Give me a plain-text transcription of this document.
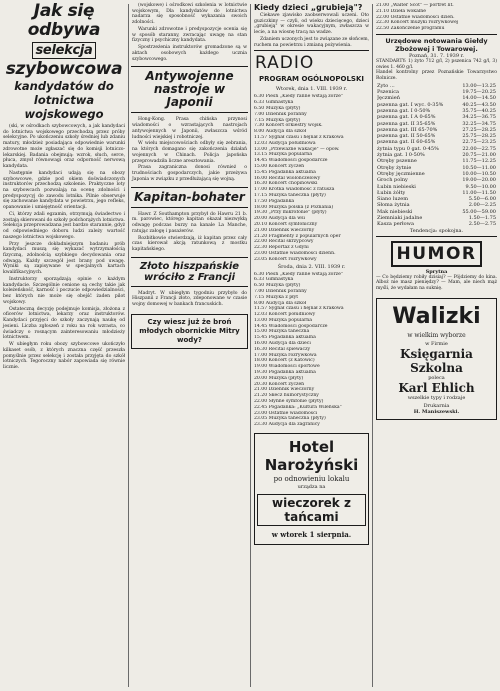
Jak się odbywa selekcja szybowcowa
kandydatów do lotnictwa wojskowego

(ski, w ośrodkach szybowcowych, a jak kandydaci do lotnictwa wojskowego przechodzą przez próby selekcyjne. Po ukończeniu szkoły średniej lub zdaniu matury, młodzież posiadająca odpowiednie warunki zdrowotne może zgłaszać się do komisji lotniczo-lekarskiej. Badania obejmują: wzrok, słuch, serce, płuca, zmysł równowagi oraz odporność nerwową kandydata.

Następnie kandydaci udają się na obozy szybowcowe, gdzie pod okiem doświadczonych instruktorów przechodzą szkolenie. Praktyczne loty na szybowcach pozwalają na ocenę zdolności i predyspozycyj do zawodu lotnika. Pilnie obserwuje się zachowanie kandydata w powietrzu, jego refleks, opanowanie i umiejętność orientacji.

Ci, którzy zdali egzamin, otrzymują świadectwo i zostają skierowani do szkoły podchorążych lotnictwa. Selekcja przeprowadzana jest bardzo starannie, gdyż od odpowiedniego doboru ludzi zależy wartość naszego lotnictwa wojskowego.

Przy jeszcze dokładniejszym badaniu prób kandydaci muszą się wykazać wytrzymałością fizyczną, zdolnością szybkiego decydowania oraz odwagą. Każdy szczegół jest brany pod uwagę. Wyniki są zapisywane w specjalnych kartach kwalifikacyjnych.

Instruktorzy sporządzają opinie o każdym kandydacie. Szczególnie cenione są cechy takie jak koleżeńskość, karność i poczucie odpowiedzialności, bez których nie może się obejść żaden pilot wojskowy.

Ostateczną decyzję podejmuje komisja, złożona z oficerów lotnictwa, lekarzy oraz instruktorów. Kandydaci przyjęci do szkoły zaczynają naukę od jesieni. Liczba zgłoszeń z roku na rok wzrasta, co świadczy o rosnącym zainteresowaniu młodzieży lotnictwem.

W ubiegłym roku obozy szybowcowe ukończyło kilkaset osób, z których znaczna część przeszła pomyślnie przez selekcję i została przyjęta do szkół lotniczych. Tegoroczny nabór zapowiada się równie licznie.

(wojskowe) i ośrodkowi szkolenia w lotnictwie wojskowym, Dla kandydatów do lotnictwa nadarza się sposobność wykazania swoich zdolności.

Warunki zdrowotne i predyspozycje ocenia się w sposób staranny, zwracając uwagę na stan fizyczny i psychiczny kandydata.

Spostrzeżenia instruktorów gromadzone są w aktach osobowych każdego ucznia szybowcowego.

Antywojenne nastroje w Japonii

Hong-Kong. Prasa chińska przynosi wiadomości o wzrastających nastrojach antywojennych w Japonii, zwłaszcza wśród ludności wiejskiej i robotniczej.

W wielu miejscowościach odbyły się zebrania, na których domagano się zakończenia działań wojennych w Chinach. Policja japońska przeprowadziła liczne aresztowania.

Prasa zagraniczna donosi również o trudnościach gospodarczych, jakie przeżywa Japonia w związku z przedłużającą się wojną.

Kapitan-bohater

Hawr. Z Southampton przybył do Hawru 21 b. m. parowiec, którego kapitan okazał niezwykłą odwagę podczas burzy na kanale La Manche, ratując załogę i pasażerów.

Rozbitkowie stwierdzają, iż kapitan przez cały czas kierował akcją ratunkową z mostku kapitańskiego.

Złoto hiszpańskie wróciło z Francji

Madryt. W ubiegłym tygodniu przybyło do Hiszpanii z Francji złoto, zdeponowane w czasie wojny domowej w bankach francuskich.

Czy wiesz już że broń młodych obornickie Mitry wody?
Kiedy dzieci „grubieją"?

Ciekawe zjawisko zaobserwowali uczeni. Oto guziczkiny — czyli, od wieku dziecięcego, dzieci „grubieją" w okresie wakacyjnym, zwłaszcza w lecie, a na wiosnę tracą na wadze.

Zdaniem uczonych jest to związane ze słońcem, ruchem na powietrzu i zmianą pożywienia.

RADIO
PROGRAM OGÓLNOPOLSKI
Wtorek, dnia 1. VIII. 1939 r.
6.30 Pieśń „Kiedy ranne wstają zorze"
6.33 Gimnastyka
6.50 Muzyka (płyty)
7.00 Dziennik poranny
7.15 Muzyka (płyty)
7.30 Koncert orkiestry wojsk.
8.00 Audycja dla szkół
11.57 Sygnał czasu i hejnał z Krakowa
12.03 Audycja południowa
13.00 „Przeważne wakacje" — opow.
13.15 Muzyka popularna
14.45 Wiadomości gospodarcze
15.00 Koncert życzeń
15.45 Pogadanka aktualna
16.00 Recital wiolonczelowy
16.30 Koncert chopinowski
17.00 Krótka wiadomość z ratusza
17.15 Muzyka taneczna (płyty)
17.50 Pogadanka
18.00 Muzyka polska (z Poznania)
19.30 „Przy mikrofonie" (płyty)
20.00 Audycja dla wsi
20.10 Koncert symfoniczny
21.00 Dziennik wieczorny
21.20 Fragmenty z popularnych oper
22.00 Recital skrzypcowy
22.30 Reportaż z Gdyni
23.00 Ostatnie wiadomości dzienn.
23.05 Koncert rozrywkowy
Środa, dnia 2. VIII. 1939 r.
6.30 Pieśń „Kiedy ranne wstają zorze"
6.33 Gimnastyka
6.50 Muzyka (płyty)
7.00 Dziennik poranny
7.15 Muzyka z płyt
8.00 Audycja dla szkół
11.57 Sygnał czasu i hejnał z Krakowa
12.03 Koncert południowy
13.00 Muzyka popularna
14.45 Wiadomości gospodarcze
15.00 Muzyka taneczna
15.45 Pogadanka aktualna
16.00 Audycja dla dzieci
16.30 Recital śpiewaczy
17.00 Muzyka rozrywkowa
18.00 Koncert (z Katowic)
19.00 Wiadomości sportowe
19.30 Pogadanka aktualna
20.00 Muzyka (płyty)
20.30 Koncert życzeń
21.00 Dziennik wieczorny
21.20 Skecz humorystyczny
22.00 Słynne symfonie (płyty)
22.45 Pogadanka: „Kultura Wileńska"
23.00 Ostatnie wiadomości
23.05 Muzyka taneczna (płyty)
23.30 Audycja dla zagranicy
Hotel Narożyński
po odnowieniu lokalu
urządza na
wieczorek z tańcami
w wtorek 1 sierpnia.
21.00 „Walter Scot" — portret lit.
21.10 Dzieła wokalne
22.00 Ostatnie wiadomości dzien.
22.30 Koncert muzyki rozrywkowej
22.50 Zakończenie programu
Urzędowe notowania Giełdy Zbożowej i Towarowej.
Poznań, 31. 7. 1939 r.
STANDARTY: 1) żyto 712 g/l, 2) pszenica 742 g/l, 3) owies 1. 460 g/l.
Handel kontrolny przez Poznańskie Towarzystwo Rolnicze.
Żyto ...	13.00—13.25
Pszenica	19.75—20.25
Jęczmień	14.00—14.50
pszenna gat. I wyc. 0-35%	40.25—43.50
pszenna gat. I 0-50%	35.75—40.25
pszenna gat. I A 0-65%	34.25—36.75
pszenna gat. II 35-65%	32.25—34.75
pszenna gat. III 65-70%	27.25—28.25
pszenna gat. II 50-65%	25.75—28.25
pszenna gat. II 60-65%	22.75—23.25
żytnia typu 0 gat. 0-45%	22.00—22.75
żytnia gat. I 0-50%	20.75—21.00
Otręby pszenne	11.75—12.25
Otręby żytnie	10.50—11.00
Otręby jęczmienne	10.00—10.50
Groch polny	19.00—20.00
Łubin niebieski	9.50—10.00
Łubin żółty	11.00—11.50
Siano luzem	5.50—6.00
Słoma żytnia	2.00—2.25
Mak niebieski	55.00—59.00
Ziemniaki jadalne	1.50—1.75
Kasza perłowa	2.50—2.75
Tendencja: spokojna.
HUMOR
Sprytna
— Co będziemy robiły dzisiaj? — Pójdziemy do kina. Alboż nie masz pieniędzy? — Mam, ale niech mąż myśli, że wydałam na suknię.
Walizki
w wielkim wyborze
w Firmie
Księgarnia Szkolna
poleca
Karl Ehlich
wszelkie typy i rodzaje
Drukarnia
H. Maniszewski.
